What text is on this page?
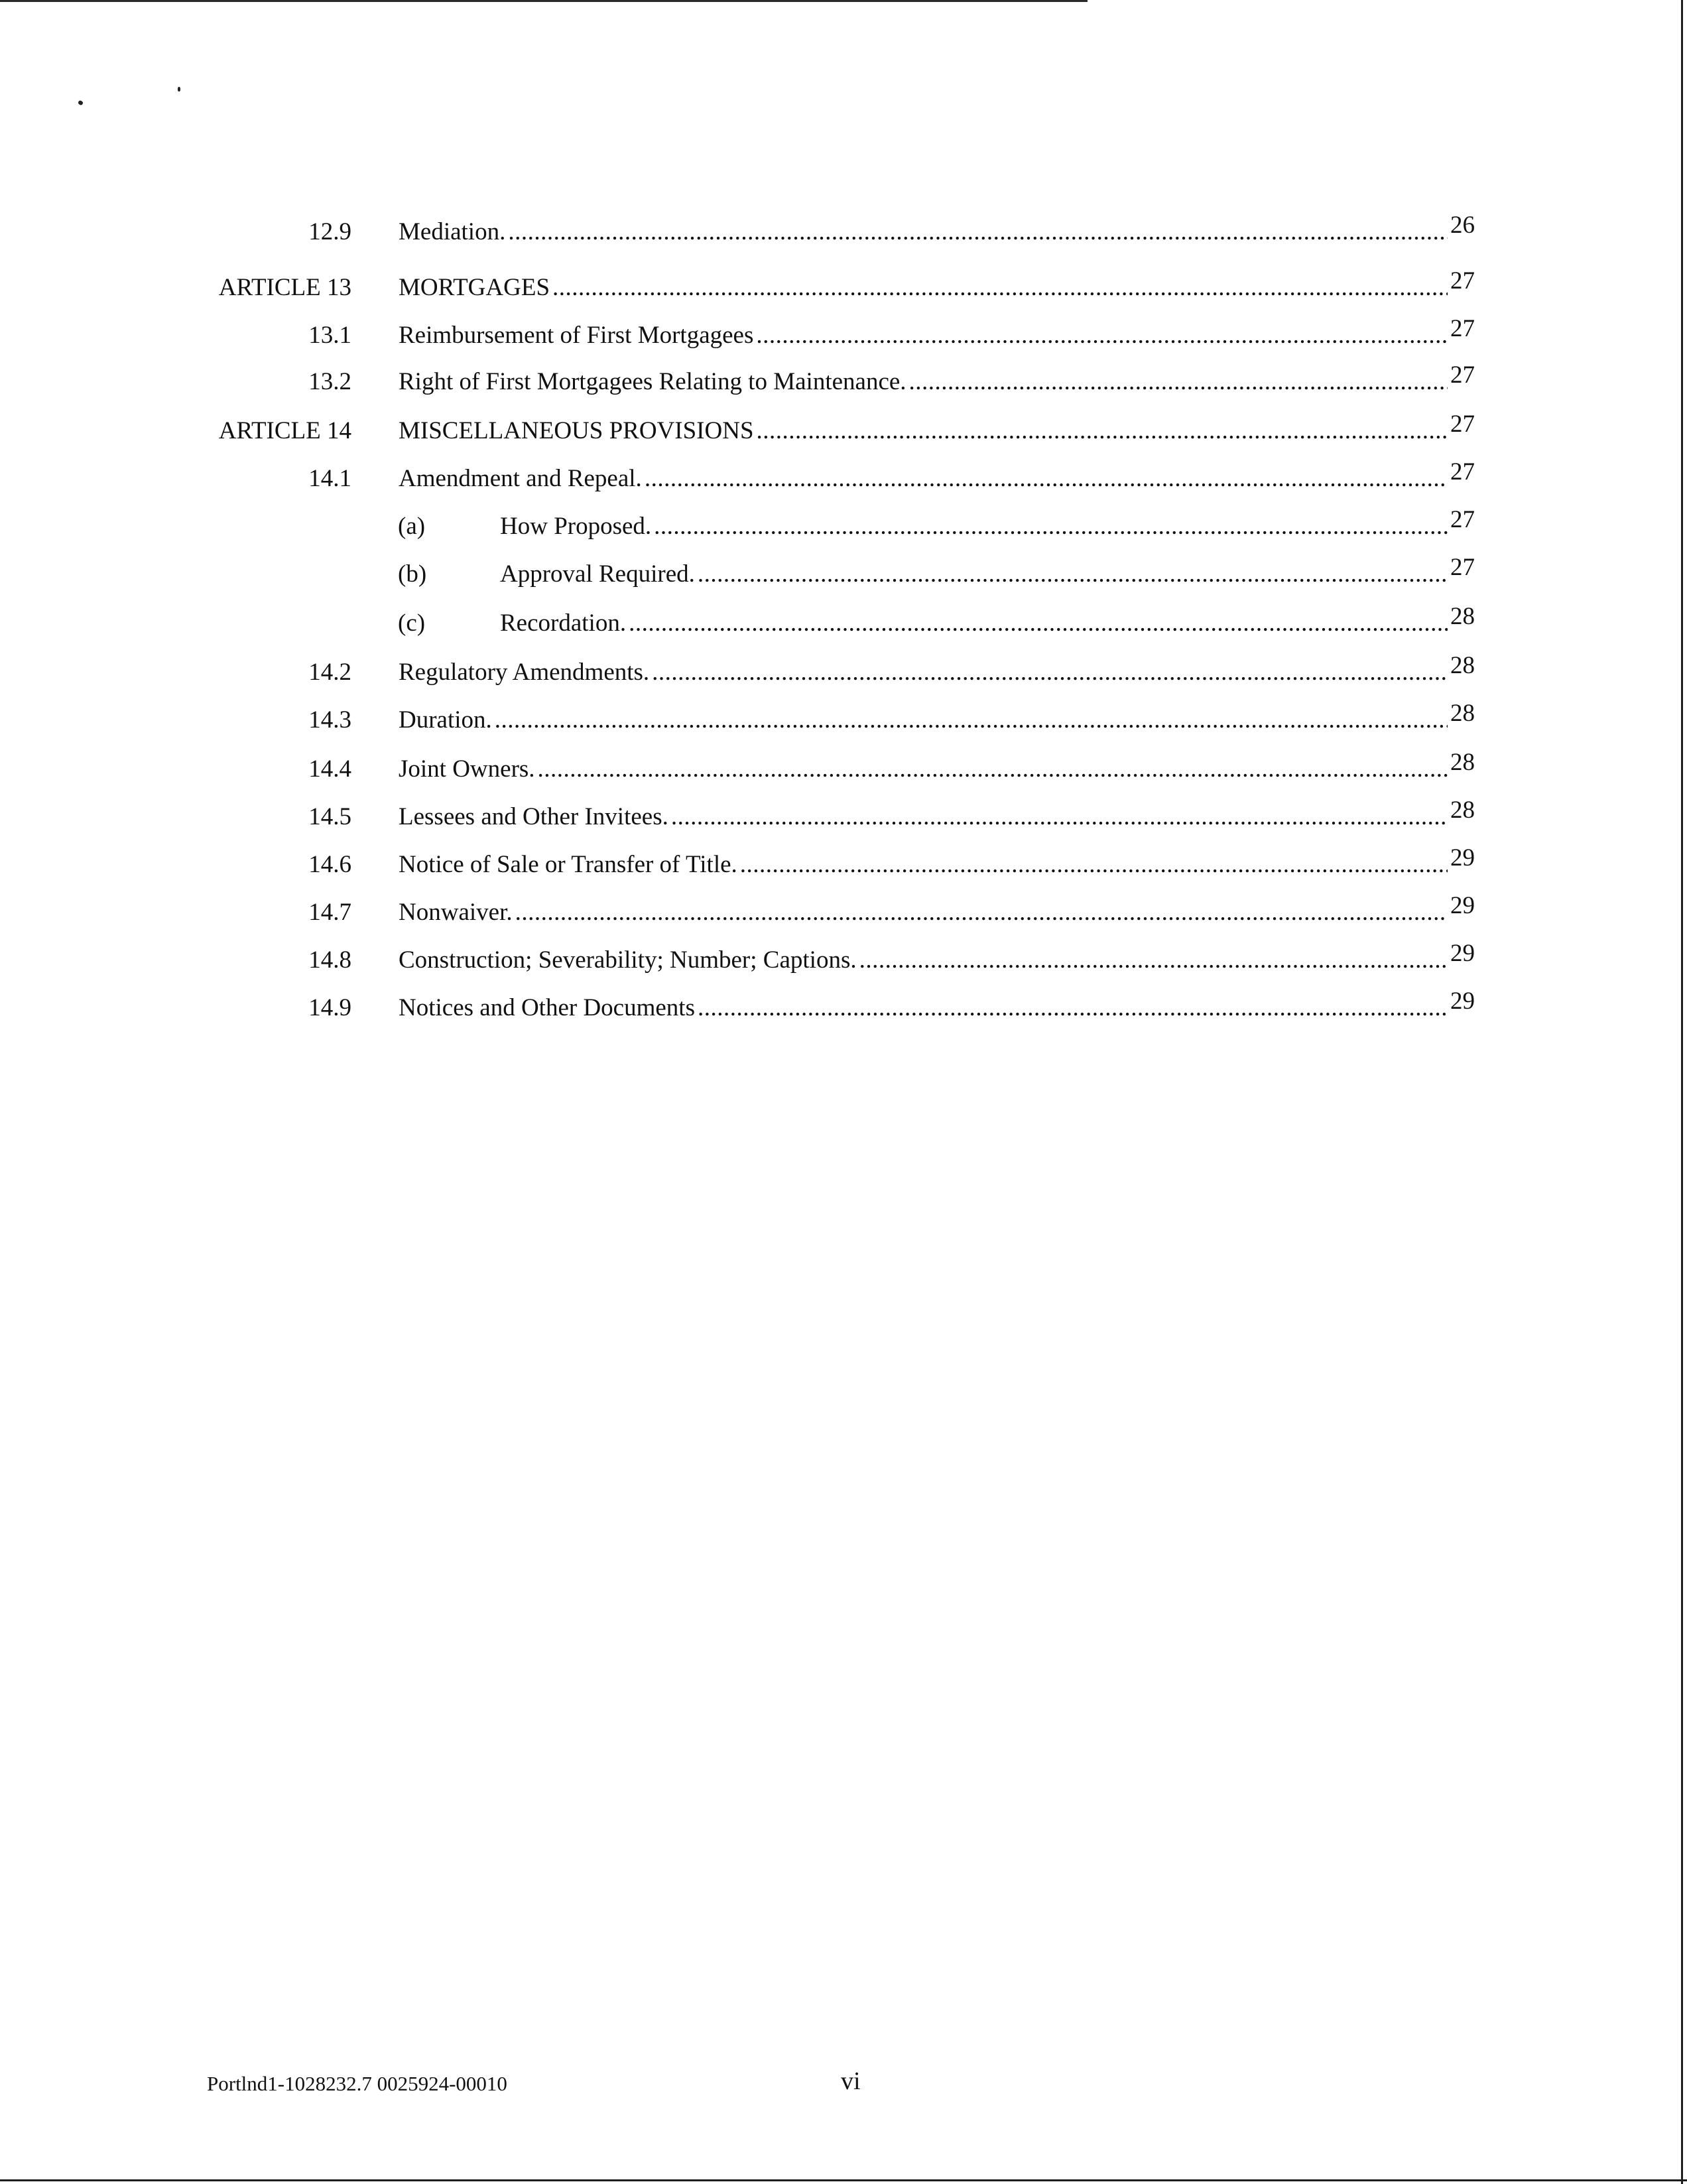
12.9 Mediation. .....	26
ARTICLE 13 MORTGAGES .....	27
13.1 Reimbursement of First Mortgagees .....	27
13.2 Right of First Mortgagees Relating to Maintenance. .....	27
ARTICLE 14 MISCELLANEOUS PROVISIONS .....	27
14.1 Amendment and Repeal. .....	27
(a)	How Proposed. .....	27
(b)	Approval Required. .....	27
(c)	Recordation. .....	28
14.2 Regulatory Amendments. .....	28
14.3 Duration. .....	28
14.4 Joint Owners. .....	28
14.5 Lessees and Other Invitees. .....	28
14.6 Notice of Sale or Transfer of Title. .....	29
14.7 Nonwaiver. .....	29
14.8 Construction; Severability; Number; Captions. .....	29
14.9 Notices and Other Documents .....	29
Portlnd1-1028232.7 0025924-00010	vi
